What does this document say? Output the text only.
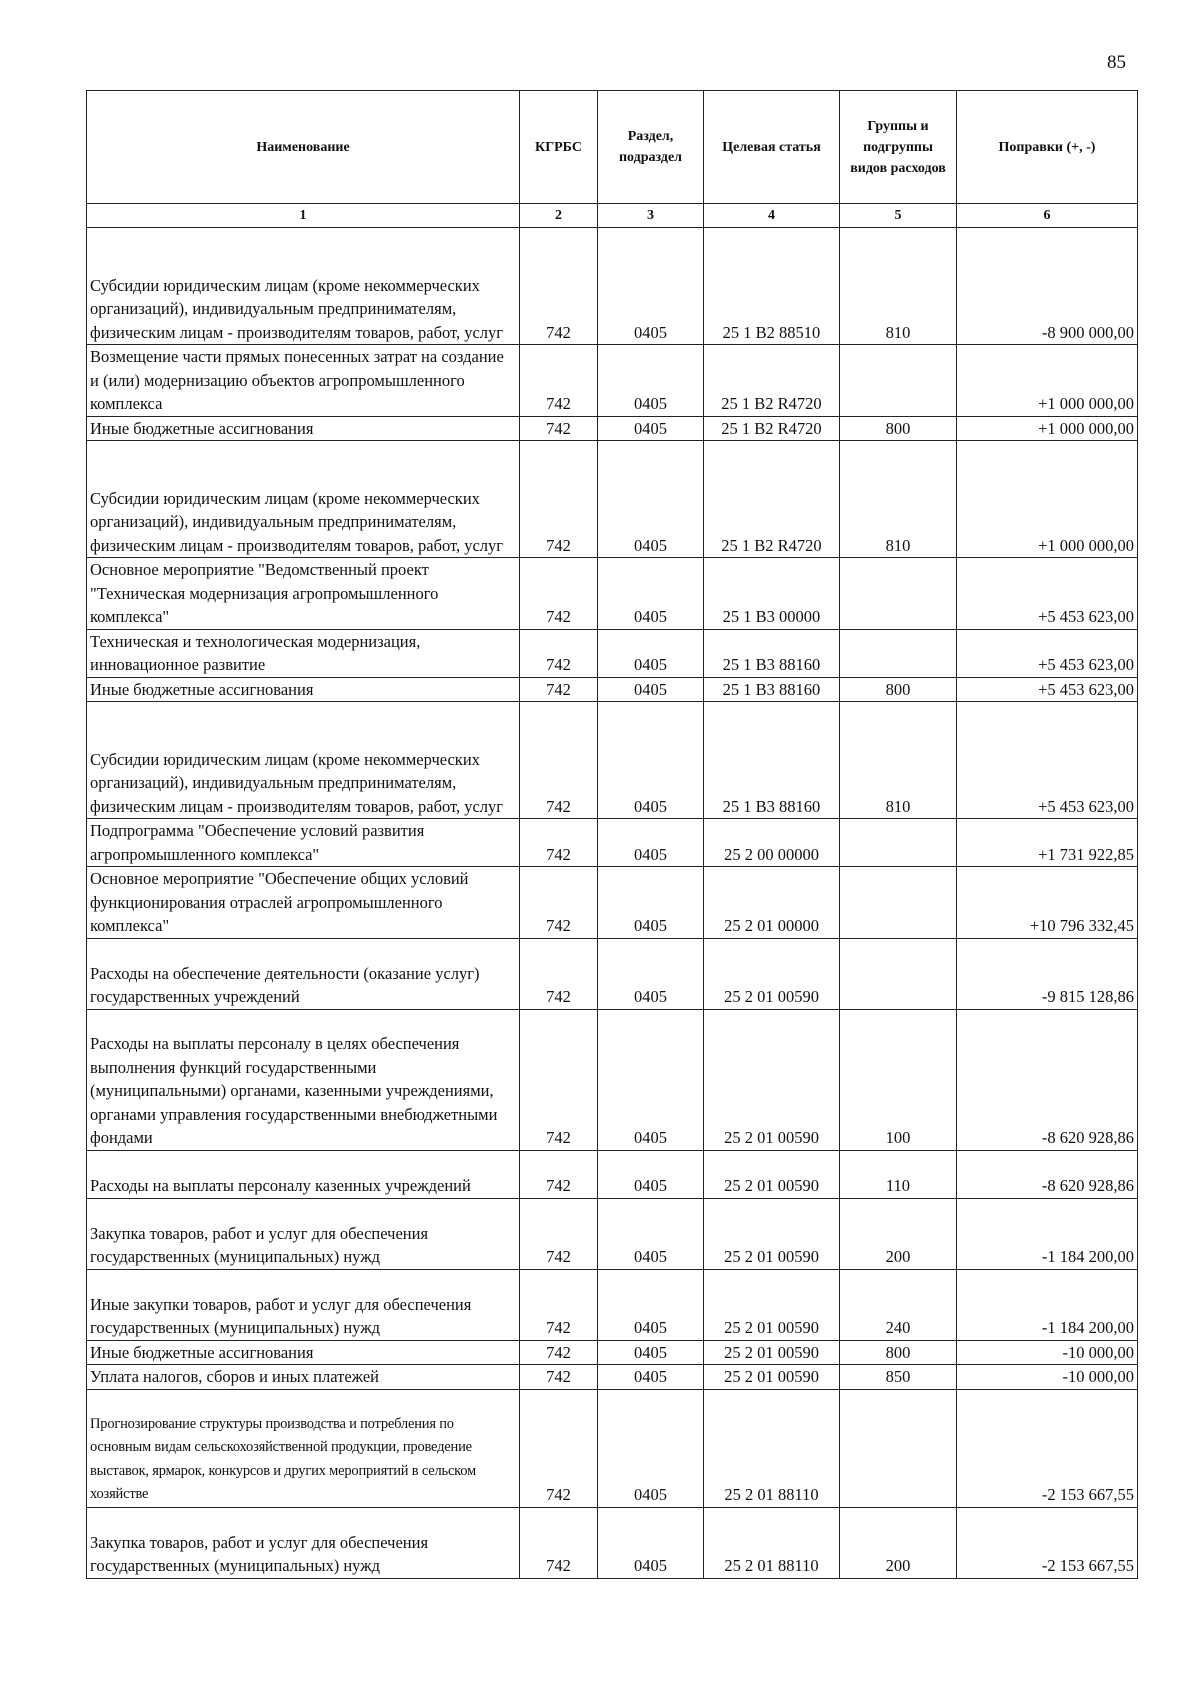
85
Наименование	КГРБС	Раздел, подраздел	Целевая статья	Группы и подгруппы видов расходов	Поправки (+, -)
1	2	3	4	5	6
Субсидии юридическим лицам (кроме некоммерческих организаций), индивидуальным предпринимателям, физическим лицам - производителям товаров, работ, услуг	742	0405	25 1 B2 88510	810	-8 900 000,00
Возмещение части прямых понесенных затрат на создание и (или) модернизацию объектов агропромышленного комплекса	742	0405	25 1 B2 R4720		+1 000 000,00
Иные бюджетные ассигнования	742	0405	25 1 B2 R4720	800	+1 000 000,00
Субсидии юридическим лицам (кроме некоммерческих организаций), индивидуальным предпринимателям, физическим лицам - производителям товаров, работ, услуг	742	0405	25 1 B2 R4720	810	+1 000 000,00
Основное мероприятие "Ведомственный проект "Техническая модернизация агропромышленного комплекса"	742	0405	25 1 B3 00000		+5 453 623,00
Техническая и технологическая модернизация, инновационное развитие	742	0405	25 1 B3 88160		+5 453 623,00
Иные бюджетные ассигнования	742	0405	25 1 B3 88160	800	+5 453 623,00
Субсидии юридическим лицам (кроме некоммерческих организаций), индивидуальным предпринимателям, физическим лицам - производителям товаров, работ, услуг	742	0405	25 1 B3 88160	810	+5 453 623,00
Подпрограмма "Обеспечение условий развития агропромышленного комплекса"	742	0405	25 2 00 00000		+1 731 922,85
Основное мероприятие "Обеспечение общих условий функционирования отраслей агропромышленного комплекса"	742	0405	25 2 01 00000		+10 796 332,45
Расходы на обеспечение деятельности (оказание услуг) государственных учреждений	742	0405	25 2 01 00590		-9 815 128,86
Расходы на выплаты персоналу в целях обеспечения выполнения функций государственными (муниципальными) органами, казенными учреждениями, органами управления государственными внебюджетными фондами	742	0405	25 2 01 00590	100	-8 620 928,86
Расходы на выплаты персоналу казенных учреждений	742	0405	25 2 01 00590	110	-8 620 928,86
Закупка товаров, работ и услуг для обеспечения государственных (муниципальных) нужд	742	0405	25 2 01 00590	200	-1 184 200,00
Иные закупки товаров, работ и услуг для обеспечения государственных (муниципальных) нужд	742	0405	25 2 01 00590	240	-1 184 200,00
Иные бюджетные ассигнования	742	0405	25 2 01 00590	800	-10 000,00
Уплата налогов, сборов и иных платежей	742	0405	25 2 01 00590	850	-10 000,00
Прогнозирование структуры производства и потребления по основным видам сельскохозяйственной продукции, проведение выставок, ярмарок, конкурсов и других мероприятий в сельском хозяйстве	742	0405	25 2 01 88110		-2 153 667,55
Закупка товаров, работ и услуг для обеспечения государственных (муниципальных) нужд	742	0405	25 2 01 88110	200	-2 153 667,55
